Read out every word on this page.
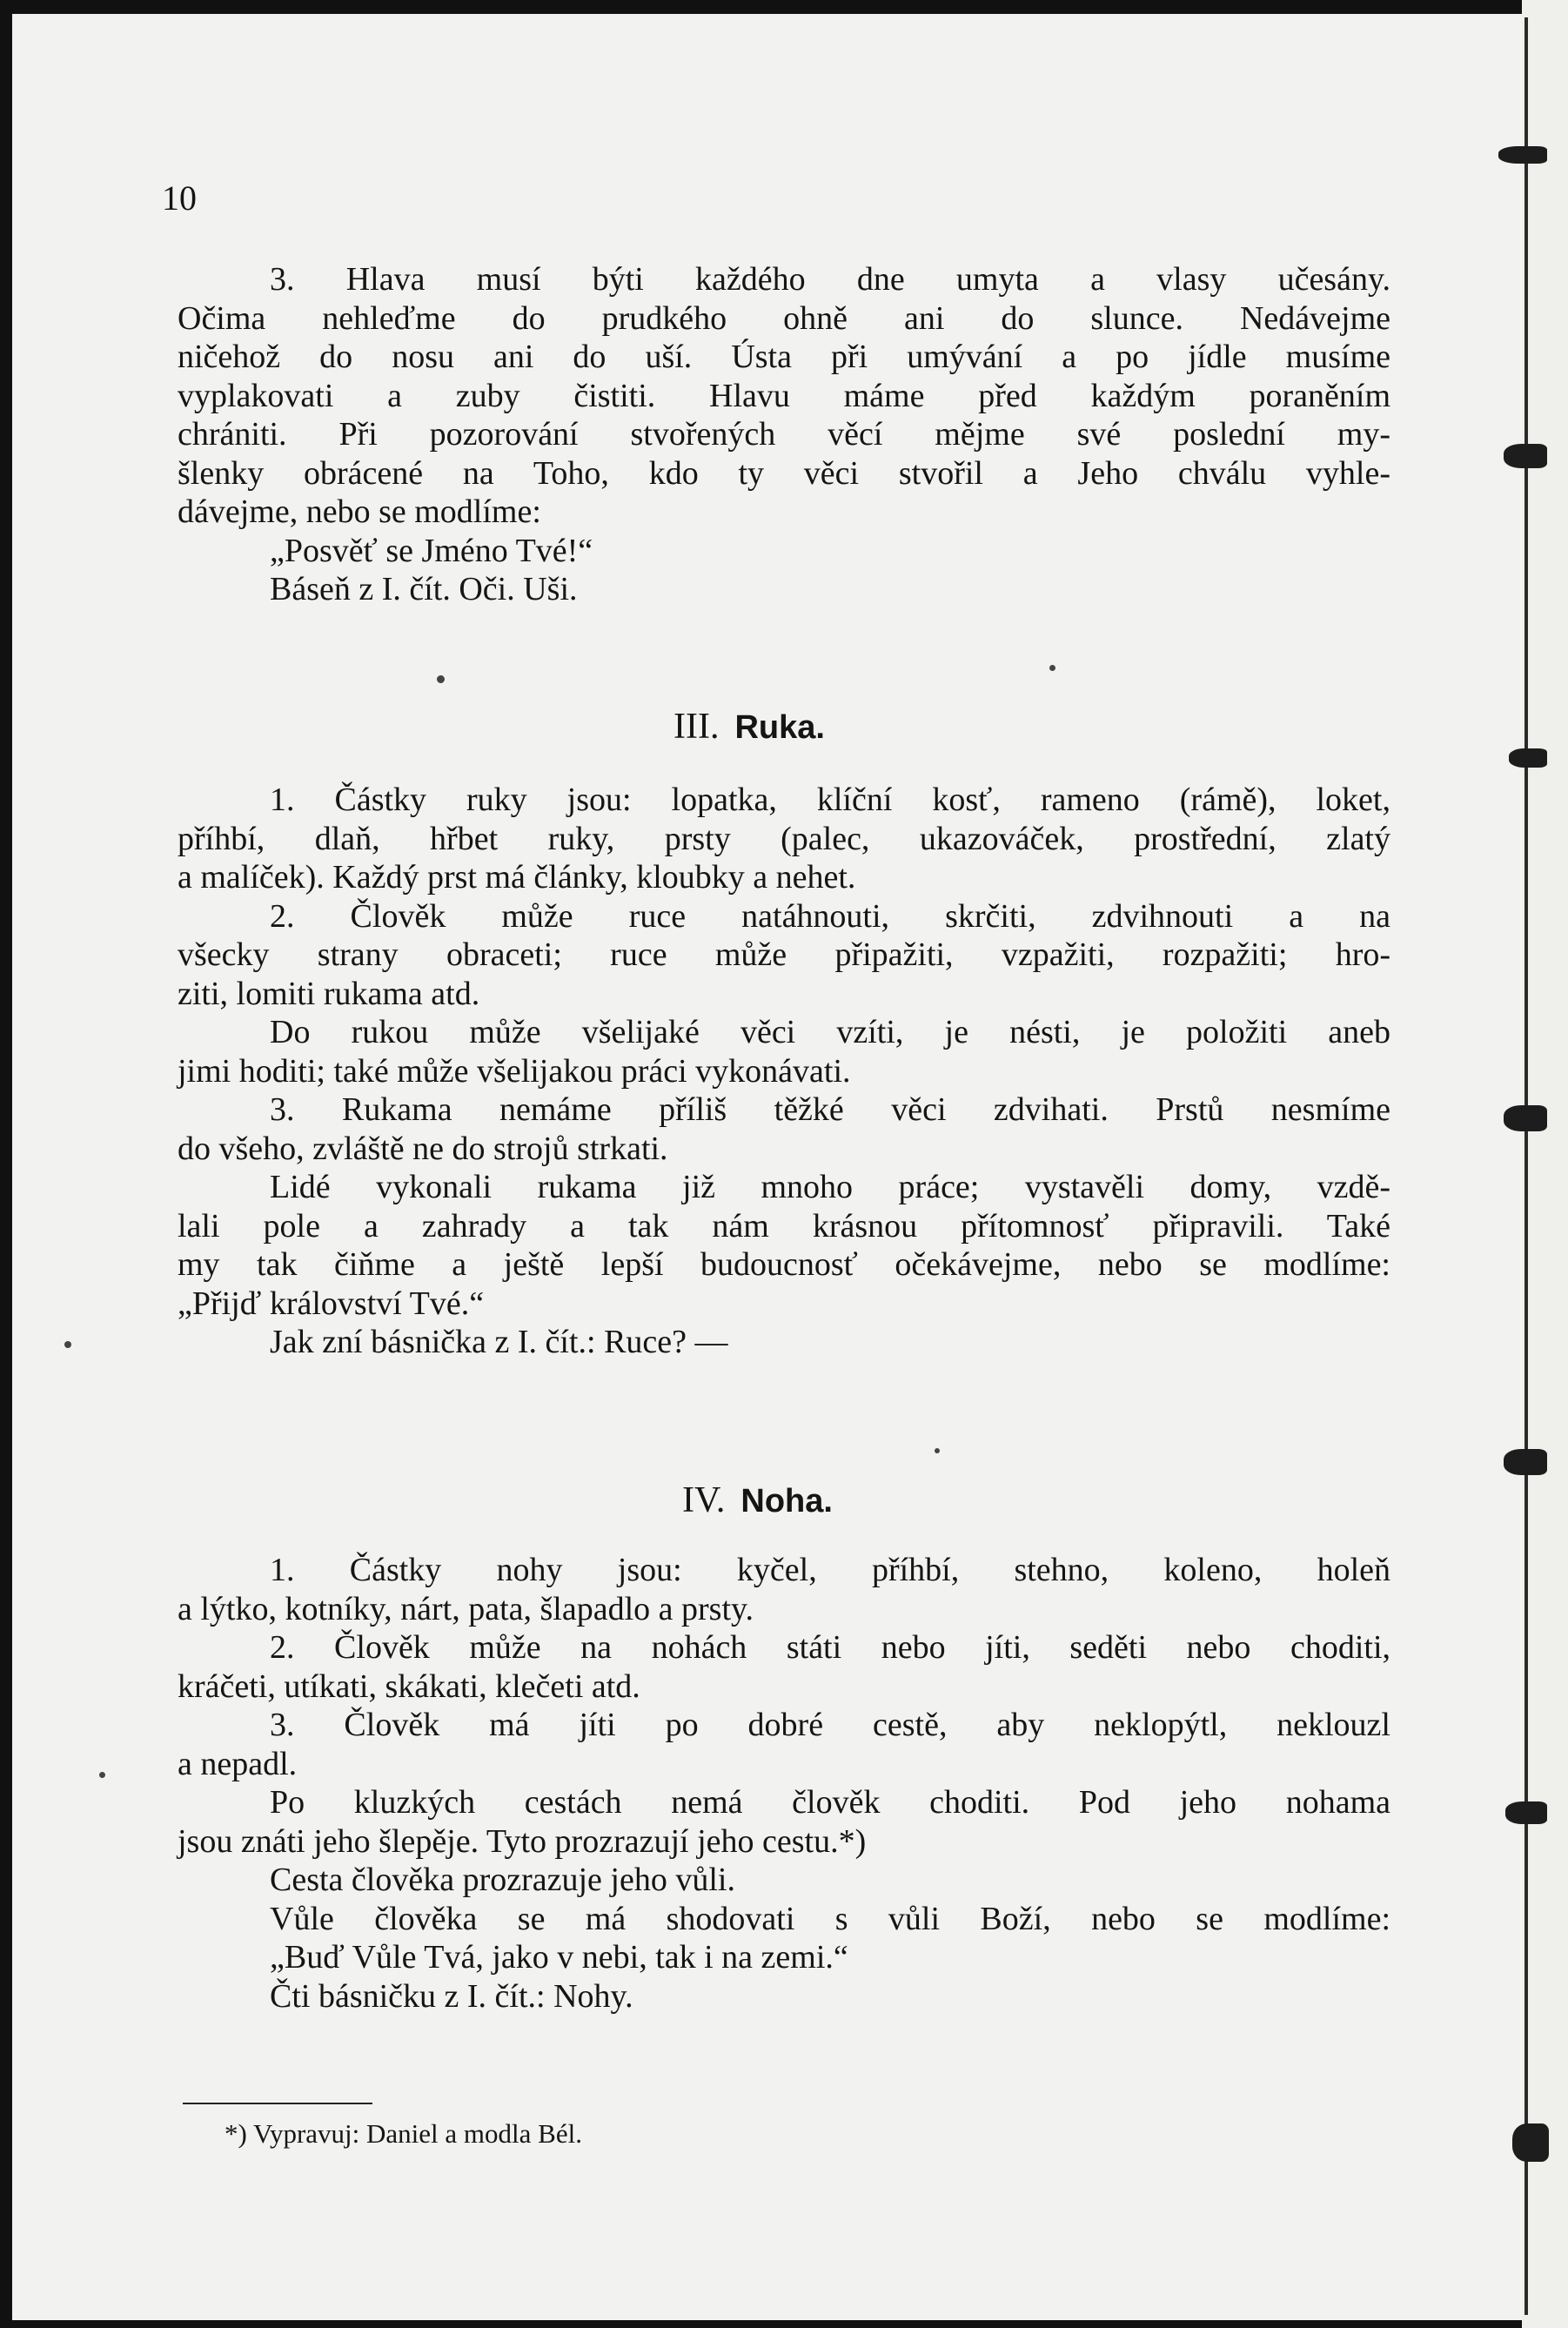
10
3. Hlava musí býti každého dne umyta a vlasy učesány.
Očima nehleďme do prudkého ohně ani do slunce. Nedávejme
ničehož do nosu ani do uší. Ústa při umývání a po jídle musíme
vyplakovati a zuby čistiti. Hlavu máme před každým poraněním
chrániti. Při pozorování stvořených věcí mějme své poslední my-
šlenky obrácené na Toho, kdo ty věci stvořil a Jeho chválu vyhle-
dávejme, nebo se modlíme:
„Posvěť se Jméno Tvé!“
Báseň z I. čít. Oči. Uši.
III. Ruka.
1. Částky ruky jsou: lopatka, klíční kosť, rameno (rámě), loket,
příhbí, dlaň, hřbet ruky, prsty (palec, ukazováček, prostřední, zlatý
a malíček). Každý prst má články, kloubky a nehet.
2. Člověk může ruce natáhnouti, skrčiti, zdvihnouti a na
všecky strany obraceti; ruce může připažiti, vzpažiti, rozpažiti; hro-
ziti, lomiti rukama atd.
Do rukou může všelijaké věci vzíti, je nésti, je položiti aneb
jimi hoditi; také může všelijakou práci vykonávati.
3. Rukama nemáme příliš těžké věci zdvihati. Prstů nesmíme
do všeho, zvláště ne do strojů strkati.
Lidé vykonali rukama již mnoho práce; vystavěli domy, vzdě-
lali pole a zahrady a tak nám krásnou přítomnosť připravili. Také
my tak čiňme a ještě lepší budoucnosť očekávejme, nebo se modlíme:
„Přijď království Tvé.“
Jak zní básnička z I. čít.: Ruce? —
IV. Noha.
1. Částky nohy jsou: kyčel, příhbí, stehno, koleno, holeň
a lýtko, kotníky, nárt, pata, šlapadlo a prsty.
2. Člověk může na nohách státi nebo jíti, seděti nebo choditi,
kráčeti, utíkati, skákati, klečeti atd.
3. Člověk má jíti po dobré cestě, aby neklopýtl, neklouzl
a nepadl.
Po kluzkých cestách nemá člověk choditi. Pod jeho nohama
jsou znáti jeho šlepěje. Tyto prozrazují jeho cestu.*)
Cesta člověka prozrazuje jeho vůli.
Vůle člověka se má shodovati s vůli Boží, nebo se modlíme:
„Buď Vůle Tvá, jako v nebi, tak i na zemi.“
Čti básničku z I. čít.: Nohy.
*) Vypravuj: Daniel a modla Bél.
